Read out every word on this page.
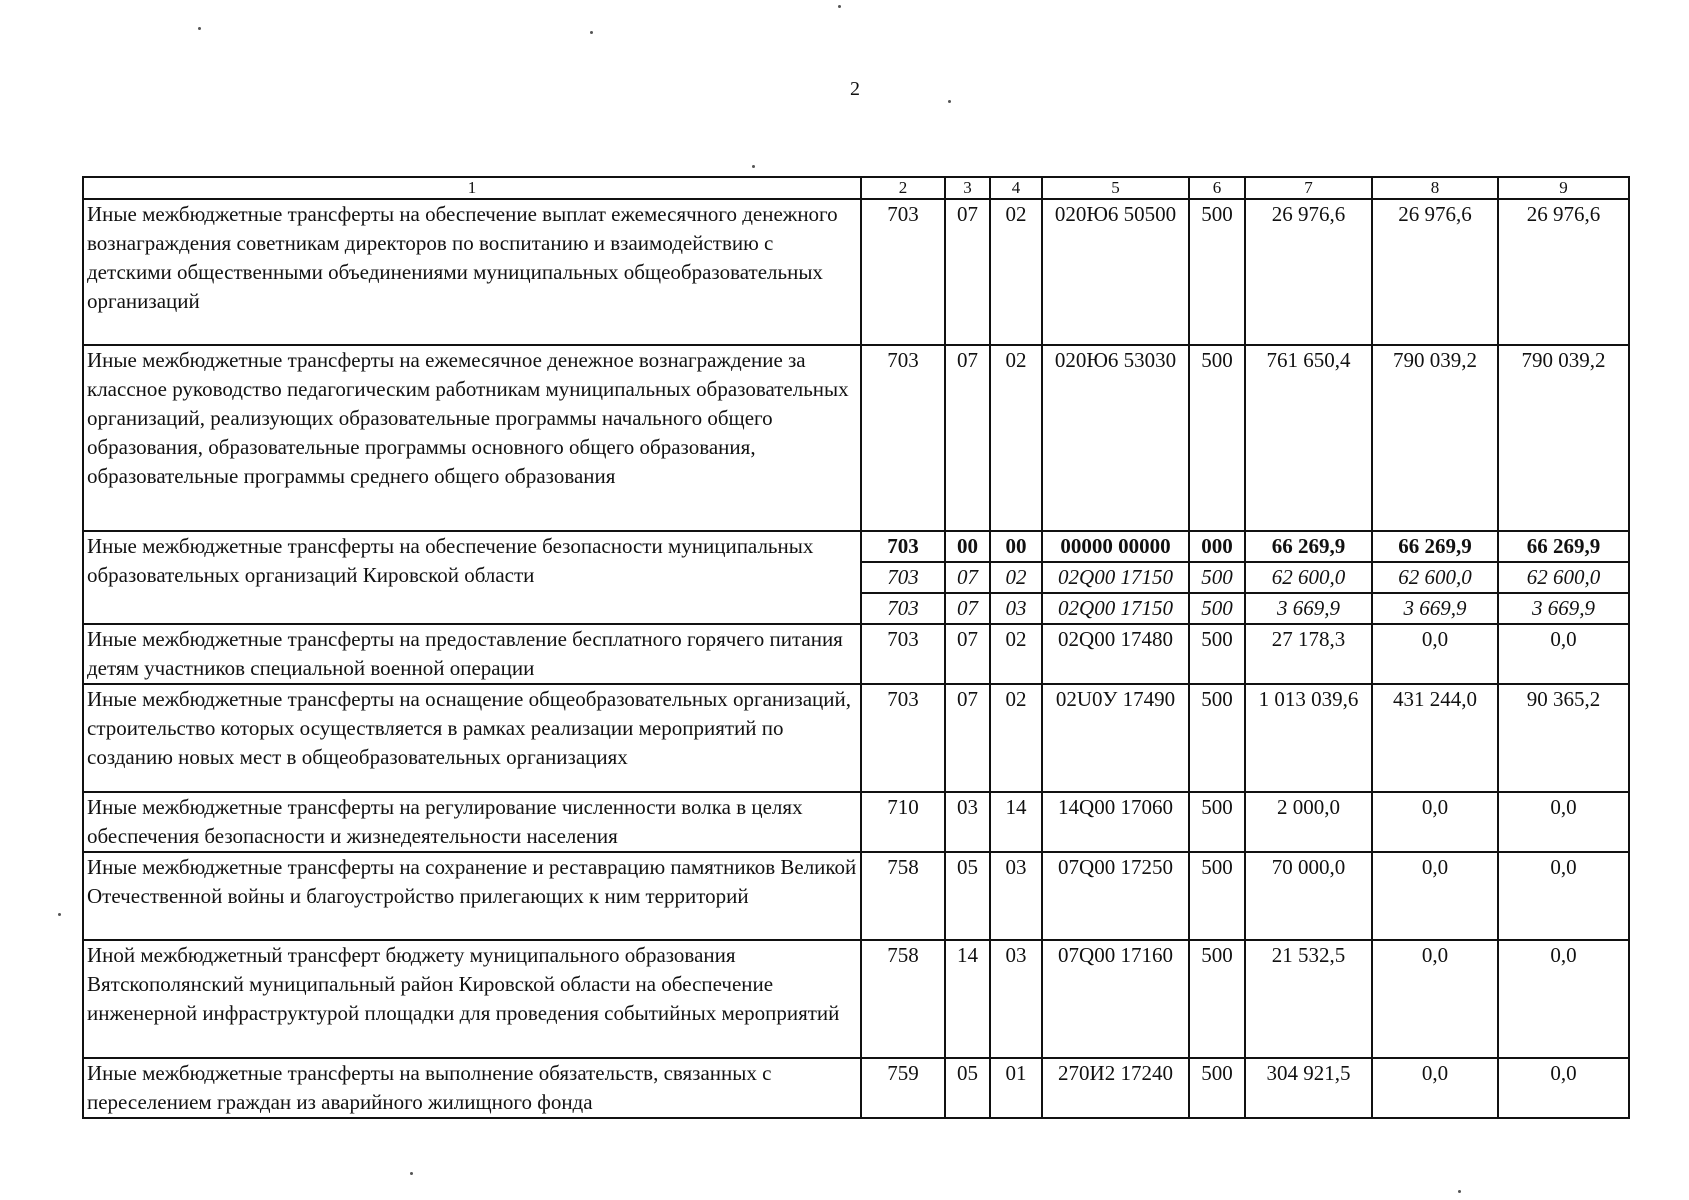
2
1	2	3	4	5	6	7	8	9
Иные межбюджетные трансферты на обеспечение выплат ежемесячного денежного вознаграждения советникам директоров по воспитанию и взаимодействию с детскими общественными объединениями муниципальных общеобразовательных организаций	703	07	02	020Ю6 50500	500	26 976,6	26 976,6	26 976,6
Иные межбюджетные трансферты на ежемесячное денежное вознаграждение за классное руководство педагогическим работникам муниципальных образовательных организаций, реализующих образовательные программы начального общего образования, образовательные программы основного общего образования, образовательные программы среднего общего образования	703	07	02	020Ю6 53030	500	761 650,4	790 039,2	790 039,2
Иные межбюджетные трансферты на обеспечение безопасности муниципальных образовательных организаций Кировской области	703	00	00	00000 00000	000	66 269,9	66 269,9	66 269,9
	703	07	02	02Q00 17150	500	62 600,0	62 600,0	62 600,0
	703	07	03	02Q00 17150	500	3 669,9	3 669,9	3 669,9
Иные межбюджетные трансферты на предоставление бесплатного горячего питания детям участников специальной военной операции	703	07	02	02Q00 17480	500	27 178,3	0,0	0,0
Иные межбюджетные трансферты на оснащение общеобразовательных организаций, строительство которых осуществляется в рамках реализации мероприятий по созданию новых мест в общеобразовательных организациях	703	07	02	02U0У 17490	500	1 013 039,6	431 244,0	90 365,2
Иные межбюджетные трансферты на регулирование численности волка в целях обеспечения безопасности и жизнедеятельности населения	710	03	14	14Q00 17060	500	2 000,0	0,0	0,0
Иные межбюджетные трансферты на сохранение и реставрацию памятников Великой Отечественной войны и благоустройство прилегающих к ним территорий	758	05	03	07Q00 17250	500	70 000,0	0,0	0,0
Иной межбюджетный трансферт бюджету муниципального образования Вятскополянский муниципальный район Кировской области на обеспечение инженерной инфраструктурой площадки для проведения событийных мероприятий	758	14	03	07Q00 17160	500	21 532,5	0,0	0,0
Иные межбюджетные трансферты на выполнение обязательств, связанных с переселением граждан из аварийного жилищного фонда	759	05	01	270И2 17240	500	304 921,5	0,0	0,0
